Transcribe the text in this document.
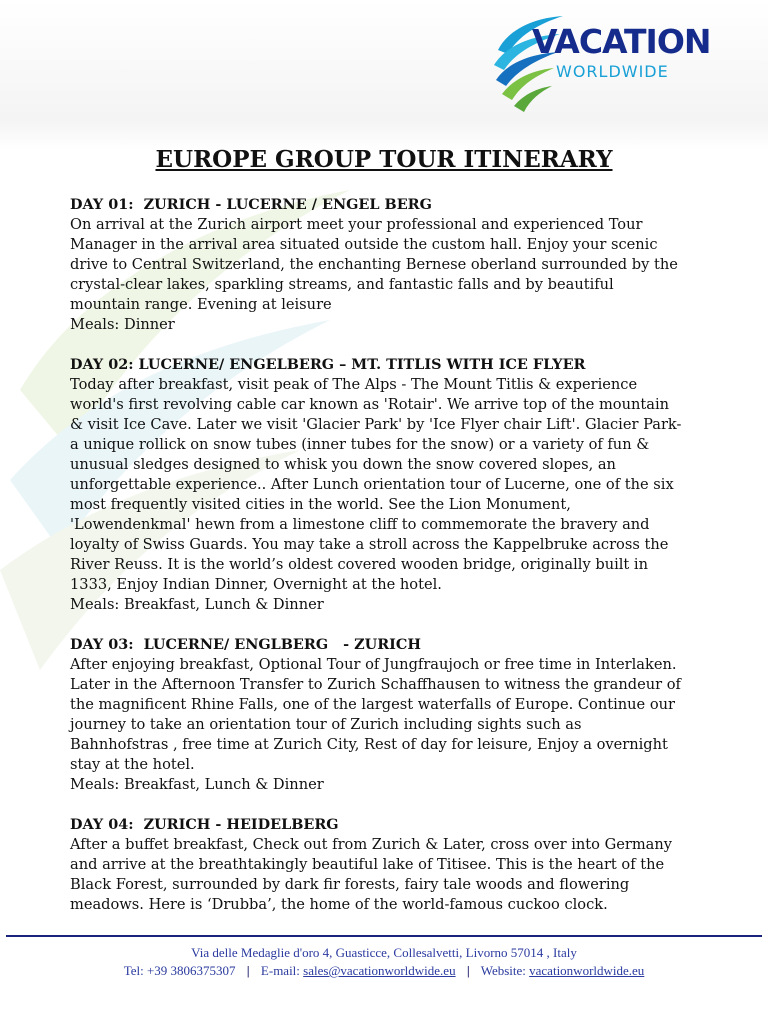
VACATION
WORLDWIDE
EUROPE GROUP TOUR ITINERARY
DAY 01:  ZURICH - LUCERNE / ENGEL BERG
On arrival at the Zurich airport meet your professional and experienced Tour
Manager in the arrival area situated outside the custom hall. Enjoy your scenic
drive to Central Switzerland, the enchanting Bernese oberland surrounded by the
crystal-clear lakes, sparkling streams, and fantastic falls and by beautiful
mountain range. Evening at leisure
Meals: Dinner
DAY 02: LUCERNE/ ENGELBERG – MT. TITLIS WITH ICE FLYER
Today after breakfast, visit peak of The Alps - The Mount Titlis & experience
world's first revolving cable car known as 'Rotair'. We arrive top of the mountain
& visit Ice Cave. Later we visit 'Glacier Park' by 'Ice Flyer chair Lift'. Glacier Park-
a unique rollick on snow tubes (inner tubes for the snow) or a variety of fun &
unusual sledges designed to whisk you down the snow covered slopes, an
unforgettable experience.. After Lunch orientation tour of Lucerne, one of the six
most frequently visited cities in the world. See the Lion Monument,
'Lowendenkmal' hewn from a limestone cliff to commemorate the bravery and
loyalty of Swiss Guards. You may take a stroll across the Kappelbruke across the
River Reuss. It is the world’s oldest covered wooden bridge, originally built in
1333, Enjoy Indian Dinner, Overnight at the hotel.
Meals: Breakfast, Lunch & Dinner
DAY 03:  LUCERNE/ ENGLBERG   - ZURICH
After enjoying breakfast, Optional Tour of Jungfraujoch or free time in Interlaken.
Later in the Afternoon Transfer to Zurich Schaffhausen to witness the grandeur of
the magnificent Rhine Falls, one of the largest waterfalls of Europe. Continue our
journey to take an orientation tour of Zurich including sights such as
Bahnhofstras , free time at Zurich City, Rest of day for leisure, Enjoy a overnight
stay at the hotel.
Meals: Breakfast, Lunch & Dinner
DAY 04:  ZURICH - HEIDELBERG
After a buffet breakfast, Check out from Zurich & Later, cross over into Germany
and arrive at the breathtakingly beautiful lake of Titisee. This is the heart of the
Black Forest, surrounded by dark fir forests, fairy tale woods and flowering
meadows. Here is ‘Drubba’, the home of the world-famous cuckoo clock.
Via delle Medaglie d'oro 4, Guasticce, Collesalvetti, Livorno 57014 , Italy
Tel: +39 3806375307 | E-mail: sales@vacationworldwide.eu | Website: vacationworldwide.eu
